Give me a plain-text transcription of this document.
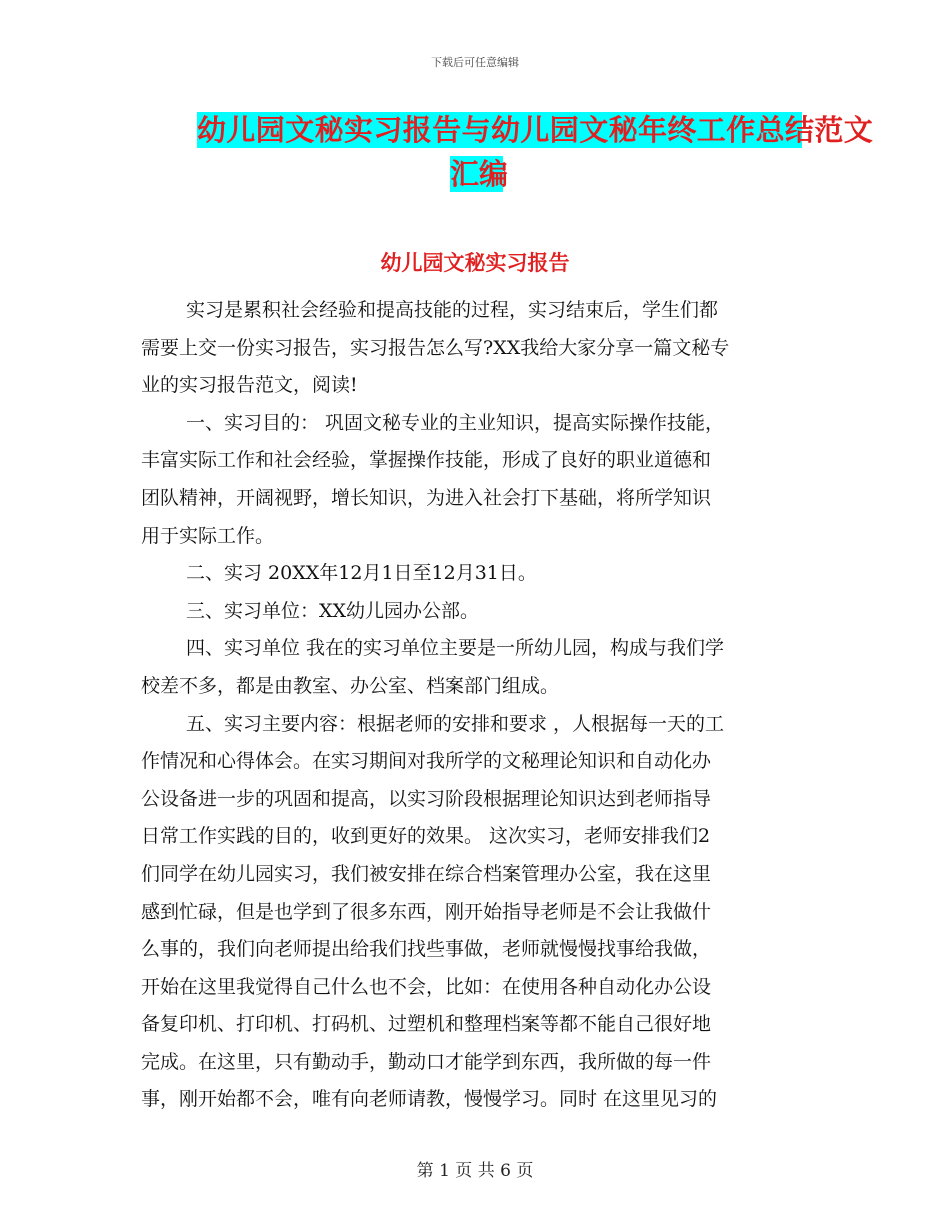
下载后可任意编辑
幼儿园文秘实习报告与幼儿园文秘年终工作总结范文
汇编
幼儿园文秘实习报告
实习是累积社会经验和提高技能的过程，实习结束后，学生们都
需要上交一份实习报告，实习报告怎么写?XX我给大家分享一篇文秘专
业的实习报告范文，阅读!
一、实习目的： 巩固文秘专业的主业知识，提高实际操作技能，
丰富实际工作和社会经验，掌握操作技能，形成了良好的职业道德和
团队精神，开阔视野，增长知识，为进入社会打下基础，将所学知识
用于实际工作。
二、实习 20XX年12月1日至12月31日。
三、实习单位：XX幼儿园办公部。
四、实习单位 我在的实习单位主要是一所幼儿园，构成与我们学
校差不多，都是由教室、办公室、档案部门组成。
五、实习主要内容：根据老师的安排和要求 ，人根据每一天的工
作情况和心得体会。在实习期间对我所学的文秘理论知识和自动化办
公设备进一步的巩固和提高，以实习阶段根据理论知识达到老师指导
日常工作实践的目的，收到更好的效果。 这次实习，老师安排我们2
们同学在幼儿园实习，我们被安排在综合档案管理办公室，我在这里
感到忙碌，但是也学到了很多东西，刚开始指导老师是不会让我做什
么事的，我们向老师提出给我们找些事做，老师就慢慢找事给我做，
开始在这里我觉得自己什么也不会，比如：在使用各种自动化办公设
备复印机、打印机、打码机、过塑机和整理档案等都不能自己很好地
完成。在这里，只有勤动手，勤动口才能学到东西，我所做的每一件
事，刚开始都不会，唯有向老师请教，慢慢学习。同时 在这里见习的
第 1 页 共 6 页
